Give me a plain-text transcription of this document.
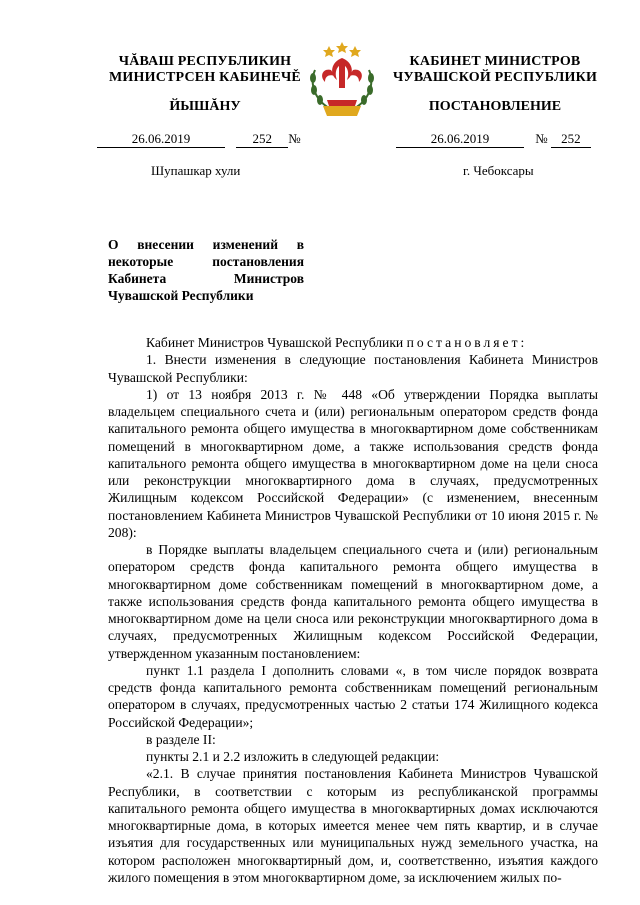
ЧĂВАШ РЕСПУБЛИКИН
МИНИСТРСЕН КАБИНЕЧĚ
ЙЫШĂНУ
КАБИНЕТ МИНИСТРОВ
ЧУВАШСКОЙ РЕСПУБЛИКИ
ПОСТАНОВЛЕНИЕ
26.06.2019	252 №	26.06.2019	№ 252
Шупашкар хули	г. Чебоксары
О внесении изменений в некоторые постановления Кабинета Министров Чувашской Республики

Кабинет Министров Чувашской Республики постановляет:

1. Внести изменения в следующие постановления Кабинета Министров Чувашской Республики:

1) от 13 ноября 2013 г. № 448 «Об утверждении Порядка выплаты владельцем специального счета и (или) региональным оператором средств фонда капитального ремонта общего имущества в многоквартирном доме собственникам помещений в многоквартирном доме, а также использования средств фонда капитального ремонта общего имущества в многоквартирном доме на цели сноса или реконструкции многоквартирного дома в случаях, предусмотренных Жилищным кодексом Российской Федерации» (с изменением, внесенным постановлением Кабинета Министров Чувашской Республики от 10 июня 2015 г. № 208):

в Порядке выплаты владельцем специального счета и (или) региональным оператором средств фонда капитального ремонта общего имущества в многоквартирном доме собственникам помещений в многоквартирном доме, а также использования средств фонда капитального ремонта общего имущества в многоквартирном доме на цели сноса или реконструкции многоквартирного дома в случаях, предусмотренных Жилищным кодексом Российской Федерации, утвержденном указанным постановлением:

пункт 1.1 раздела I дополнить словами «, в том числе порядок возврата средств фонда капитального ремонта собственникам помещений региональным оператором в случаях, предусмотренных частью 2 статьи 174 Жилищного кодекса Российской Федерации»;

в разделе II:

пункты 2.1 и 2.2 изложить в следующей редакции:

«2.1. В случае принятия постановления Кабинета Министров Чувашской Республики, в соответствии с которым из республиканской программы капитального ремонта общего имущества в многоквартирных домах исключаются многоквартирные дома, в которых имеется менее чем пять квартир, и в случае изъятия для государственных или муниципальных нужд земельного участка, на котором расположен многоквартирный дом, и, соответственно, изъятия каждого жилого помещения в этом многоквартирном доме, за исключением жилых по-
